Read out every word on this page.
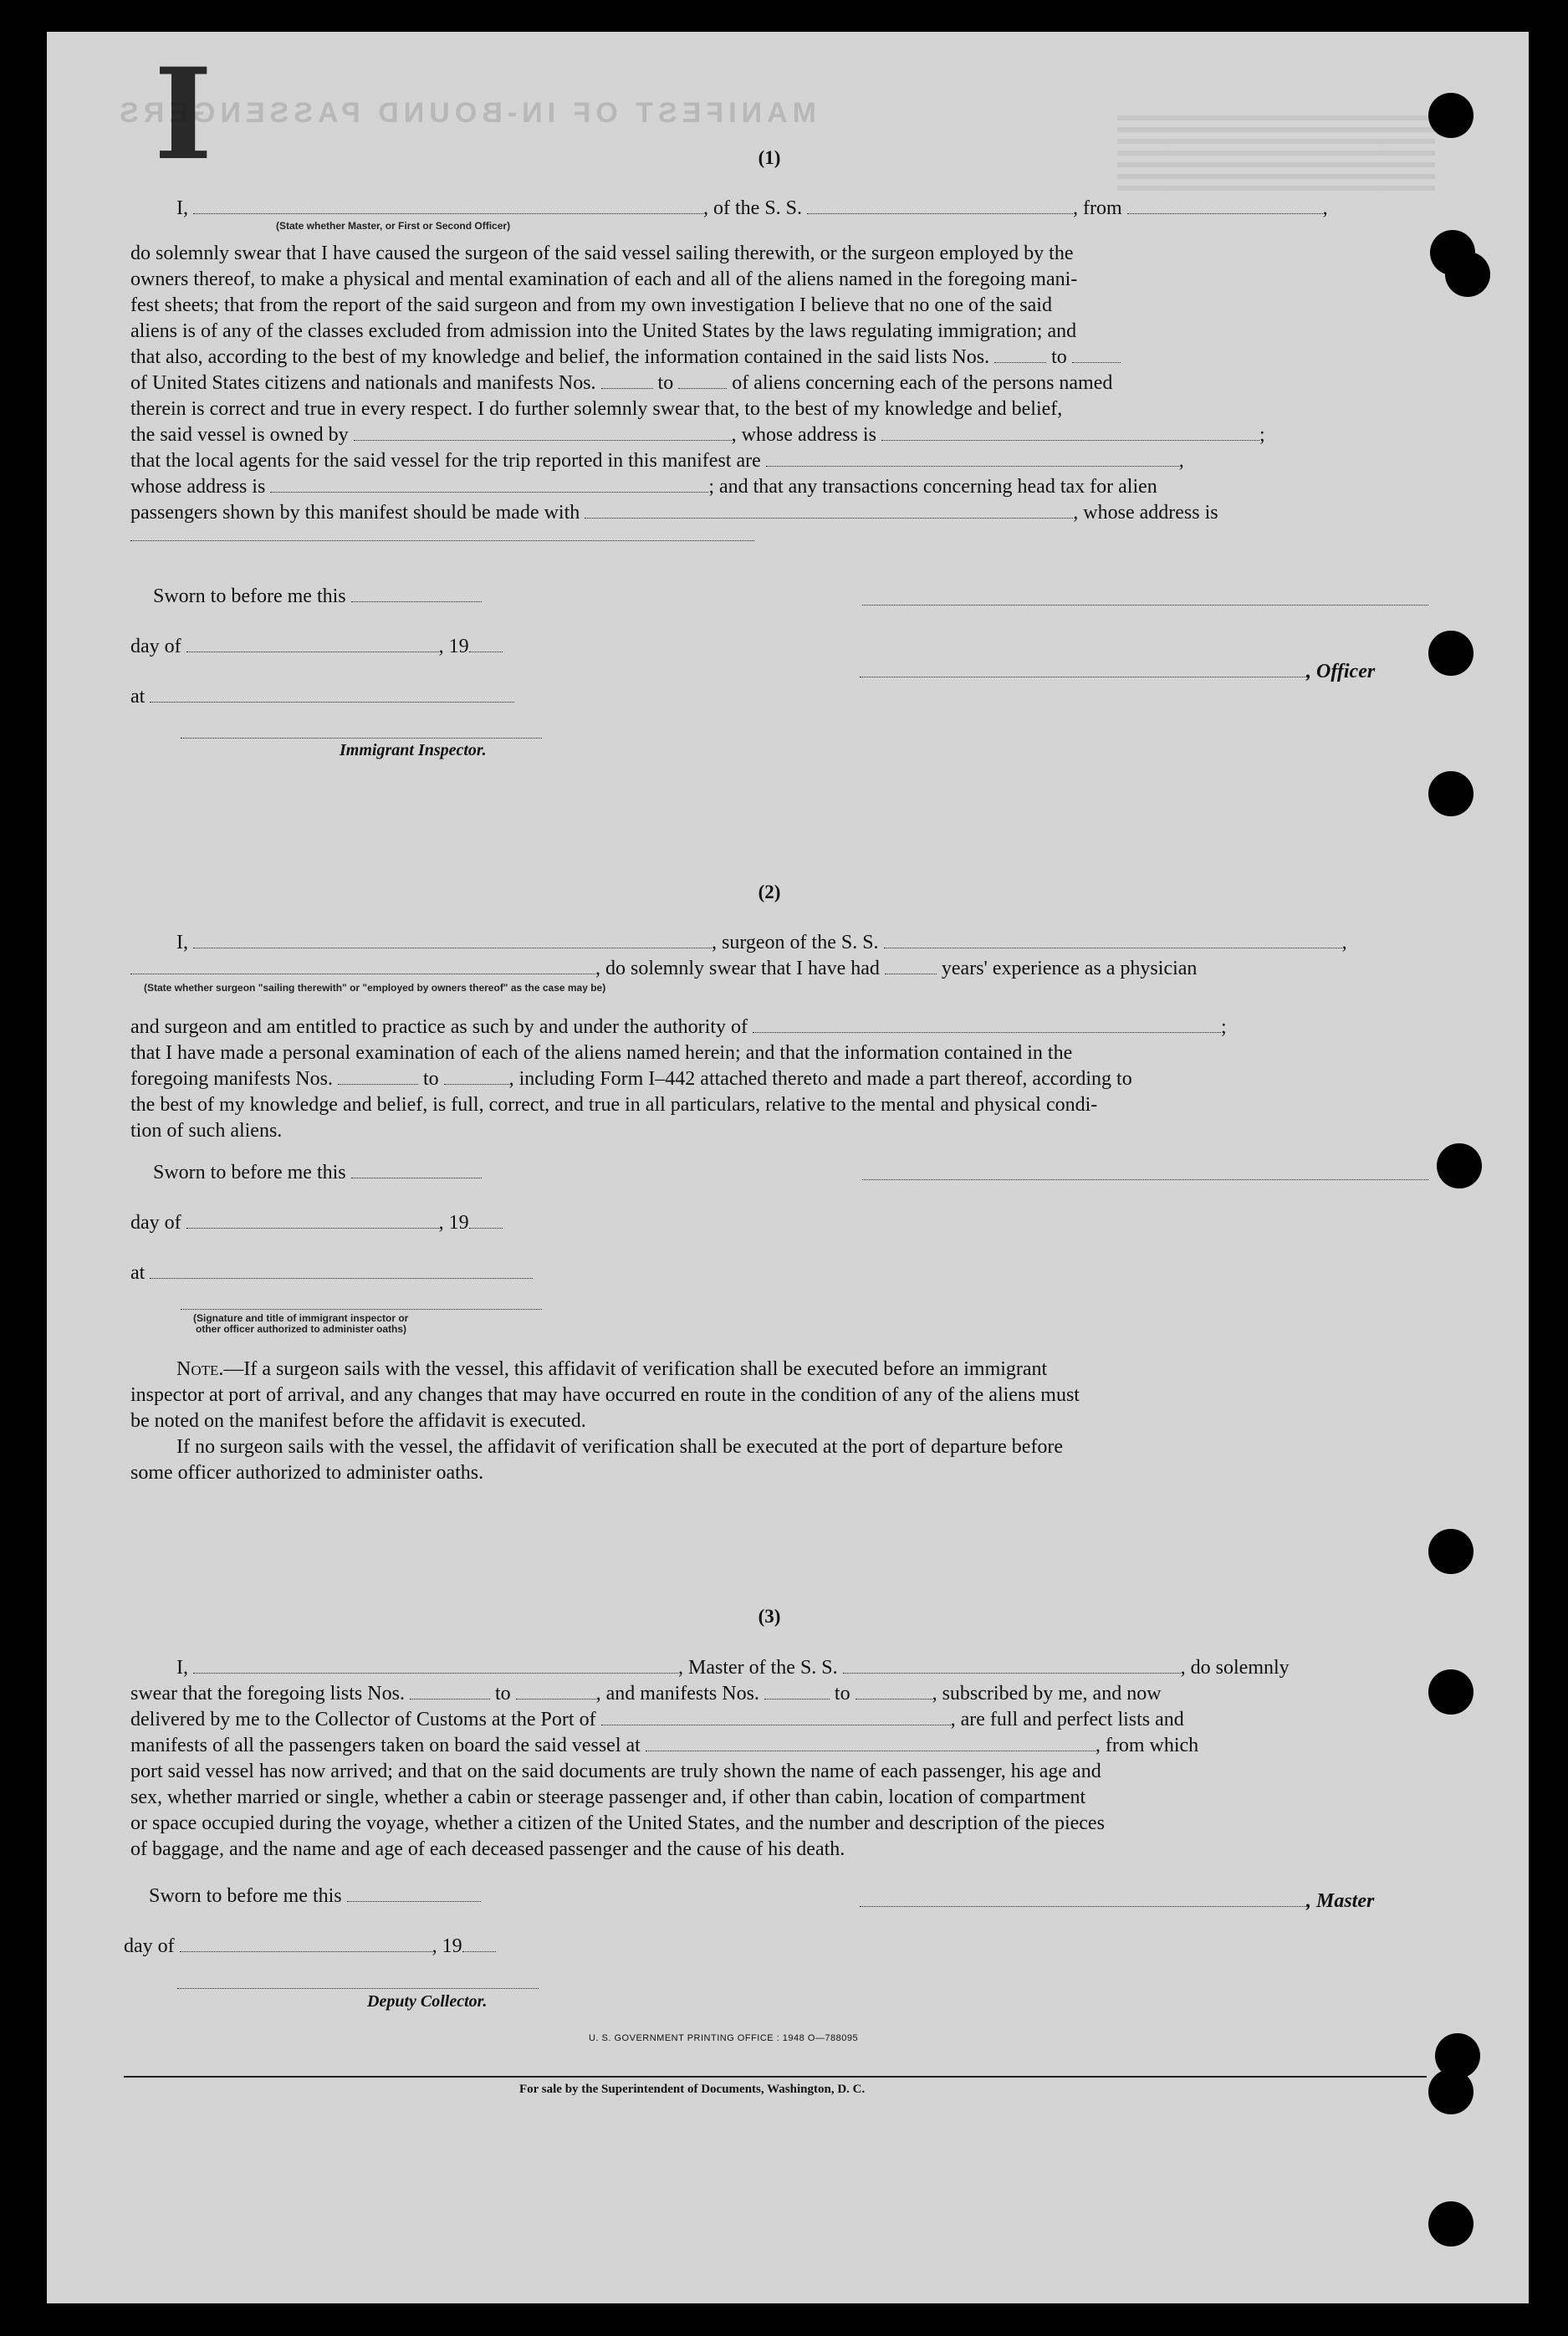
MANIFEST OF IN-BOUND PASSENGERS
I	(1)
I,	, of the S. S.	, from	,
(State whether Master, or First or Second Officer)
do solemnly swear that I have caused the surgeon of the said vessel sailing therewith, or the surgeon employed by the
owners thereof, to make a physical and mental examination of each and all of the aliens named in the foregoing mani-
fest sheets; that from the report of the said surgeon and from my own investigation I believe that no one of the said
aliens is of any of the classes excluded from admission into the United States by the laws regulating immigration; and
that also, according to the best of my knowledge and belief, the information contained in the said lists Nos.	to
of United States citizens and nationals and manifests Nos.	to	of aliens concerning each of the persons named
therein is correct and true in every respect. I do further solemnly swear that, to the best of my knowledge and belief,
the said vessel is owned by	, whose address is	;
that the local agents for the said vessel for the trip reported in this manifest are	,
whose address is	; and that any transactions concerning head tax for alien
passengers shown by this manifest should be made with	, whose address is
Sworn to before me this
day of	, 19
, Officer
at
Immigrant Inspector.
(2)
I,	, surgeon of the S. S.	,
, do solemnly swear that I have had	years' experience as a physician
(State whether surgeon "sailing therewith" or "employed by owners thereof" as the case may be)
and surgeon and am entitled to practice as such by and under the authority of	;
that I have made a personal examination of each of the aliens named herein; and that the information contained in the
foregoing manifests Nos.	to	, including Form I–442 attached thereto and made a part thereof, according to
the best of my knowledge and belief, is full, correct, and true in all particulars, relative to the mental and physical condi-
tion of such aliens.
Sworn to before me this
day of	, 19
at
(Signature and title of immigrant inspector or
other officer authorized to administer oaths)
Note.—If a surgeon sails with the vessel, this affidavit of verification shall be executed before an immigrant
inspector at port of arrival, and any changes that may have occurred en route in the condition of any of the aliens must
be noted on the manifest before the affidavit is executed.
If no surgeon sails with the vessel, the affidavit of verification shall be executed at the port of departure before
some officer authorized to administer oaths.
(3)
I,	, Master of the S. S.	, do solemnly
swear that the foregoing lists Nos.	to	, and manifests Nos.	to	, subscribed by me, and now
delivered by me to the Collector of Customs at the Port of	, are full and perfect lists and
manifests of all the passengers taken on board the said vessel at	, from which
port said vessel has now arrived; and that on the said documents are truly shown the name of each passenger, his age and
sex, whether married or single, whether a cabin or steerage passenger and, if other than cabin, location of compartment
or space occupied during the voyage, whether a citizen of the United States, and the number and description of the pieces
of baggage, and the name and age of each deceased passenger and the cause of his death.
Sworn to before me this	, Master
day of	, 19
Deputy Collector.
U. S. GOVERNMENT PRINTING OFFICE : 1948 O—788095
For sale by the Superintendent of Documents, Washington, D. C.
